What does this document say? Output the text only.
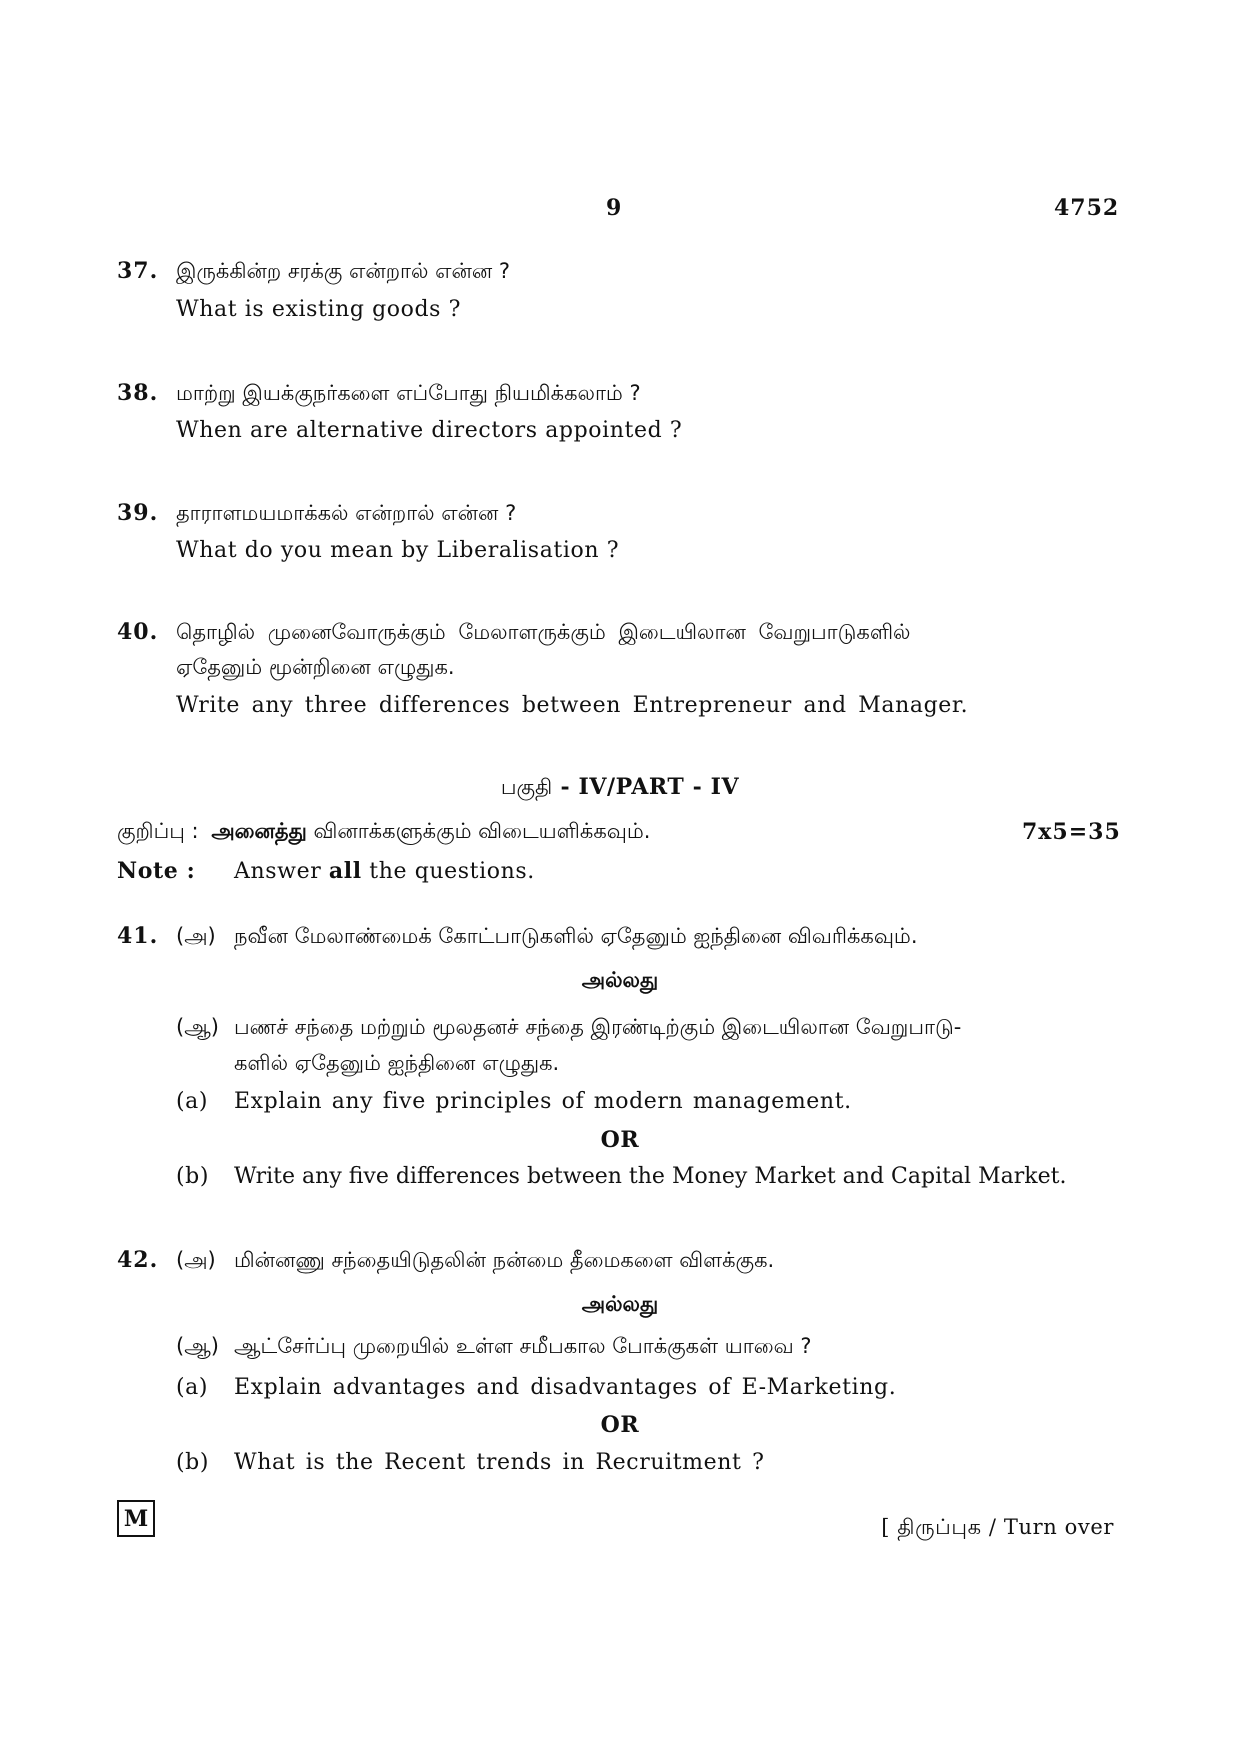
9	4752
37. இருக்கின்ற சரக்கு என்றால் என்ன ?
What is existing goods ?
38. மாற்று இயக்குநர்களை எப்போது நியமிக்கலாம் ?
When are alternative directors appointed ?
39. தாராளமயமாக்கல் என்றால் என்ன ?
What do you mean by Liberalisation ?
40. தொழில் முனைவோருக்கும் மேலாளருக்கும் இடையிலான வேறுபாடுகளில்
ஏதேனும் மூன்றினை எழுதுக.
Write any three differences between Entrepreneur and Manager.
பகுதி - IV/PART - IV
குறிப்பு : அனைத்து வினாக்களுக்கும் விடையளிக்கவும்.	7x5=35
Note : Answer all the questions.
41. (அ) நவீன மேலாண்மைக் கோட்பாடுகளில் ஏதேனும் ஐந்தினை விவரிக்கவும்.
அல்லது
(ஆ) பணச் சந்தை மற்றும் மூலதனச் சந்தை இரண்டிற்கும் இடையிலான வேறுபாடு-
களில் ஏதேனும் ஐந்தினை எழுதுக.
(a) Explain any five principles of modern management.
OR
(b) Write any five differences between the Money Market and Capital Market.
42. (அ) மின்னணு சந்தையிடுதலின் நன்மை தீமைகளை விளக்குக.
அல்லது
(ஆ) ஆட்சேர்ப்பு முறையில் உள்ள சமீபகால போக்குகள் யாவை ?
(a) Explain advantages and disadvantages of E-Marketing.
OR
(b) What is the Recent trends in Recruitment ?
M	[ திருப்புக / Turn over
